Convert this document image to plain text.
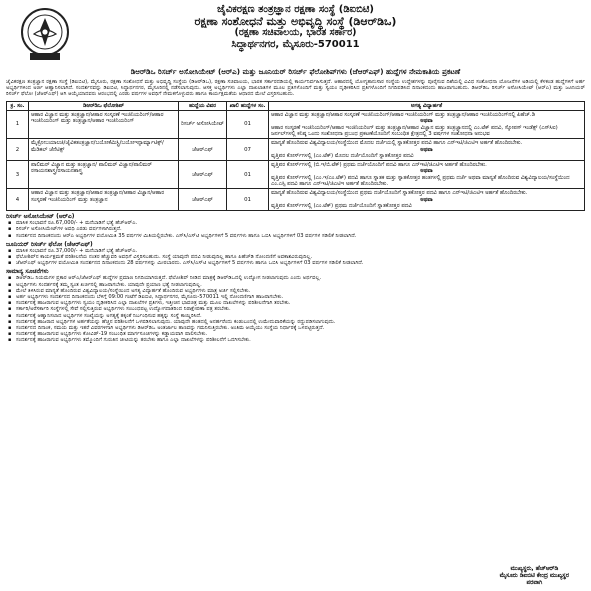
ಜೈವಿಕರಕ್ಷಣ ತಂತ್ರಜ್ಞಾನ ರಕ್ಷಣಾ ಸಂಸ್ಥೆ (ಡಿಐಬಿಟಿ)
ರಕ್ಷಣಾ ಸಂಶೋಧನೆ ಮತ್ತು ಅಭಿವೃದ್ಧಿ ಸಂಸ್ಥೆ (ಡಿಆರ್‌ಡಿಒ)
(ರಕ್ಷಣಾ ಸಚಿವಾಲಯ, ಭಾರತ ಸರ್ಕಾರ)
ಸಿದ್ಧಾರ್ಥನಗರ, ಮೈಸೂರು-570011
ಡಿಆರ್‌ಡಿಒ ರಿಸರ್ಚ್ ಅಸೋಸಿಯೇಟ್ (ಆರ್‌ಎ) ಮತ್ತು ಜೂನಿಯರ್ ರಿಸರ್ಚ್ ಫೆಲೋಶಿಪ್‌ಗಳು (ಜೆಆರ್‌ಎಫ್) ಹುದ್ದೆಗಳ ನೇಮಕಾತಿಯ ಪ್ರಕಟಣೆ
ಜೈವಿಕರಕ್ಷಣ ತಂತ್ರಜ್ಞಾನ ರಕ್ಷಣಾ ಸಂಸ್ಥೆ (ಡಿಐಬಿಟಿ), ಮೈಸೂರು, ರಕ್ಷಣಾ ಸಂಶೋಧನೆ ಮತ್ತು ಅಭಿವೃದ್ಧಿ ಸಂಸ್ಥೆಯ (ಡಿಆರ್‌ಡಿಒ), ರಕ್ಷಣಾ ಸಚಿವಾಲಯ, ಭಾರತ ಸರ್ಕಾರದಡಿಯಲ್ಲಿ ಕಾರ್ಯನಿರ್ವಹಿಸುತ್ತದೆ. ಆಹಾರದಲ್ಲಿ ಯೋಗ್ಯತಾನುಸಾರ ಸಂಸ್ಥೆಯ ಉದ್ದೇಶಗಳನ್ನು ಪೂರೈಸುವ ದಿಶೆಯಲ್ಲಿ ವಿವಿಧ ಸಂಶೋಧನಾ ಯೋಜನೆಗಳ ಅಡಿಯಲ್ಲಿ ಕೆಳಕಂಡ ಹುದ್ದೆಗಳಿಗೆ ಅರ್ಹ ಅಭ್ಯರ್ಥಿಗಳಿಂದ ಅರ್ಜಿ ಆಹ್ವಾನಿಸಲಾಗಿದೆ. ಸಂದರ್ಶನವನ್ನು ಡಿಐಬಿಟಿ, ಸಿದ್ಧಾರ್ಥನಗರ, ಮೈಸೂರಿನಲ್ಲಿ ನಡೆಸಲಾಗುವುದು. ಆಸಕ್ತ ಅಭ್ಯರ್ಥಿಗಳು ಎಲ್ಲಾ ದಾಖಲಾತಿಗಳ ಮೂಲ ಪ್ರತಿಗಳೊಂದಿಗೆ ಮತ್ತು ಸ್ವಯಂ ದೃಢೀಕರಿಸಿದ ಪ್ರತಿಗಳೊಂದಿಗೆ ನಿಗದಿಪಡಿಸಿದ ದಿನಾಂಕದಂದು ಹಾಜರಾಗಬಹುದು. ಡಿಆರ್‌ಡಿಒ ರಿಸರ್ಚ್ ಅಸೋಸಿಯೇಟ್ (ಆರ್‌ಎ) ಮತ್ತು ಜೂನಿಯರ್ ರಿಸರ್ಚ್ ಫೆಲೋ (ಜೆಆರ್‌ಎಫ್) ಆಗಿ ಆಯ್ಕೆಯಾದವರು ಆರಂಭದಲ್ಲಿ ಎರಡು ವರ್ಷಗಳ ಅವಧಿಗೆ ನೇಮಕಗೊಳ್ಳುವರು ಹಾಗೂ ಕಾರ್ಯಕ್ಷಮತೆಯ ಆಧಾರದ ಮೇಲೆ ವಿಸ್ತರಿಸಬಹುದು.
ಕ್ರ. ಸಂ.	ಡಿಆರ್‌ಡಿಒ ಫೆಲೋಶಿಪ್	ಹುದ್ದೆಯ ವಿವರ	ಖಾಲಿ ಹುದ್ದೆಗಳ ಸಂ.	ಅಗತ್ಯ ವಿದ್ಯಾರ್ಹತೆ
1	ಆಹಾರ ವಿಜ್ಞಾನ ಮತ್ತು ತಂತ್ರಜ್ಞಾನ/ಆಹಾರ ಸಂಸ್ಕರಣೆ ಇಂಜಿನಿಯರಿಂಗ್/ಆಹಾರ ಇಂಜಿನಿಯರಿಂಗ್ ಮತ್ತು ತಂತ್ರಜ್ಞಾನ/ಆಹಾರ ಇಂಜಿನಿಯರಿಂಗ್	ರಿಸರ್ಚ್ ಅಸೋಸಿಯೇಟ್	01	ಆಹಾರ ವಿಜ್ಞಾನ ಮತ್ತು ತಂತ್ರಜ್ಞಾನ/ಆಹಾರ ಸಂಸ್ಕರಣೆ ಇಂಜಿನಿಯರಿಂಗ್/ಆಹಾರ ಇಂಜಿನಿಯರಿಂಗ್ ಮತ್ತು ತಂತ್ರಜ್ಞಾನ/ಆಹಾರ ಇಂಜಿನಿಯರಿಂಗ್‌ನಲ್ಲಿ ಪಿಹೆಚ್.ಡಿ
ಅಥವಾ
ಆಹಾರ ಸಂಸ್ಕರಣೆ ಇಂಜಿನಿಯರಿಂಗ್/ಆಹಾರ ಇಂಜಿನಿಯರಿಂಗ್ ಮತ್ತು ತಂತ್ರಜ್ಞಾನ/ಆಹಾರ ವಿಜ್ಞಾನ ಮತ್ತು ತಂತ್ರಜ್ಞಾನದಲ್ಲಿ ಎಂ.ಟೆಕ್ ಪದವಿ, ಸ್ಕೋಪಸ್ ಇಂಡೆಕ್ಸ್ (ಎಸ್‌ಸಿಐ) ಜರ್ನಲ್‌ಗಳಲ್ಲಿ ಕನಿಷ್ಠ ಒಂದು ಸಂಶೋಧನಾ ಪ್ರಬಂಧ ಪ್ರಕಟಣೆಯೊಂದಿಗೆ ಸಂಬಂಧಿತ ಕ್ಷೇತ್ರದಲ್ಲಿ 3 ವರ್ಷಗಳ ಸಂಶೋಧನಾ ಅನುಭವ

2	ಮೈಕ್ರೋಬಯಾಲಜಿ/ಜೈವಿಕತಂತ್ರಜ್ಞಾನ/ಬಯೋಕೆಮಿಸ್ಟ್ರಿ/ಬಯೋಇನ್ಫಾರ್ಮ್ಯಾಟಿಕ್ಸ್/ಮೆಡಿಕಲ್ ಜೆನೆಟಿಕ್ಸ್	ಜೆಆರ್‌ಎಫ್	07	ಮಾನ್ಯತೆ ಹೊಂದಿರುವ ವಿಶ್ವವಿದ್ಯಾಲಯ/ಸಂಸ್ಥೆಯಿಂದ ಮೊದಲ ದರ್ಜೆಯಲ್ಲಿ ಸ್ನಾತಕೋತ್ತರ ಪದವಿ ಹಾಗೂ ಎನ್ಇಟಿ/ಜಿಎಟಿಇ ಅರ್ಹತೆ ಹೊಂದಿರಬೇಕು.
ಅಥವಾ
ವೃತ್ತಿಪರ ಕೋರ್ಸ್‌ಗಳಲ್ಲಿ (ಎಂ.ಟೆಕ್) ಮೊದಲ ದರ್ಜೆಯೊಂದಿಗೆ ಸ್ನಾತಕೋತ್ತರ ಪದವಿ

3	ಪಾಲಿಮರ್ ವಿಜ್ಞಾನ ಮತ್ತು ತಂತ್ರಜ್ಞಾನ/ ಪಾಲಿಮರ್ ವಿಜ್ಞಾನ/ಪಾಲಿಮರ್ ರಸಾಯನಶಾಸ್ತ್ರ/ರಸಾಯನಶಾಸ್ತ್ರ	ಜೆಆರ್‌ಎಫ್	01	ವೃತ್ತಿಪರ ಕೋರ್ಸ್‌ಗಳಲ್ಲಿ (ಬಿ.ಇ/ಬಿ.ಟೆಕ್) ಪ್ರಥಮ ದರ್ಜೆಯೊಂದಿಗೆ ಪದವಿ ಹಾಗೂ ಎನ್ಇಟಿ/ಜಿಎಟಿಇ ಅರ್ಹತೆ ಹೊಂದಿರಬೇಕು.
ಅಥವಾ
ವೃತ್ತಿಪರ ಕೋರ್ಸ್‌ಗಳಲ್ಲಿ (ಎಂ.ಇ/ಎಂ.ಟೆಕ್) ಪದವಿ ಹಾಗೂ ಸ್ನಾತಕ ಮತ್ತು ಸ್ನಾತಕೋತ್ತರ ಹಂತಗಳಲ್ಲಿ ಪ್ರಥಮ ದರ್ಜೆ ಅಥವಾ ಮಾನ್ಯತೆ ಹೊಂದಿರುವ ವಿಶ್ವವಿದ್ಯಾಲಯ/ಸಂಸ್ಥೆಯಿಂದ ಎಂ.ಎಸ್ಸಿ ಪದವಿ ಹಾಗೂ ಎನ್ಇಟಿ/ಜಿಎಟಿಇ ಅರ್ಹತೆ ಹೊಂದಿರಬೇಕು.

4	ಆಹಾರ ವಿಜ್ಞಾನ ಮತ್ತು ತಂತ್ರಜ್ಞಾನ/ಆಹಾರ ತಂತ್ರಜ್ಞಾನ/ಆಹಾರ ವಿಜ್ಞಾನ/ಆಹಾರ ಸಂಸ್ಕರಣೆ ಇಂಜಿನಿಯರಿಂಗ್ ಮತ್ತು ತಂತ್ರಜ್ಞಾನ	ಜೆಆರ್‌ಎಫ್	01	ಮಾನ್ಯತೆ ಹೊಂದಿರುವ ವಿಶ್ವವಿದ್ಯಾಲಯ/ಸಂಸ್ಥೆಯಿಂದ ಪ್ರಥಮ ದರ್ಜೆಯೊಂದಿಗೆ ಸ್ನಾತಕೋತ್ತರ ಪದವಿ ಹಾಗೂ ಎನ್ಇಟಿ/ಜಿಎಟಿಇ ಅರ್ಹತೆ ಹೊಂದಿರಬೇಕು.
ಅಥವಾ
ವೃತ್ತಿಪರ ಕೋರ್ಸ್‌ಗಳಲ್ಲಿ (ಎಂ.ಟೆಕ್) ಪ್ರಥಮ ದರ್ಜೆಯೊಂದಿಗೆ ಸ್ನಾತಕೋತ್ತರ ಪದವಿ
ರಿಸರ್ಚ್ ಅಸೋಸಿಯೇಟ್ (ಆರ್‌ಎ)
▪ ಮಾಸಿಕ ಸಂಭಾವನೆ ರೂ.67,000/- + ಮನೆಬಾಡಿಗೆ ಭತ್ಯೆ ಹೆಚ್‌ಆರ್‌ಎ.
▪ ರಿಸರ್ಚ್ ಅಸೋಸಿಯೇಟ್‌ಗಳ ಅವಧಿ ಎರಡು ವರ್ಷಗಳಾಗಿರುತ್ತದೆ.
▪ ಸಂದರ್ಶನದ ದಿನಾಂಕದಂದು ಆರ್‌ಎ ಅಭ್ಯರ್ಥಿಗಳ ವಯೋಮಿತಿ 35 ವರ್ಷಗಳ ಮಿತಿಯಲ್ಲಿರಬೇಕು. ಎಸ್‌ಸಿ/ಎಸ್‌ಟಿ ಅಭ್ಯರ್ಥಿಗಳಿಗೆ 5 ವರ್ಷಗಳು ಹಾಗೂ ಒಬಿಸಿ ಅಭ್ಯರ್ಥಿಗಳಿಗೆ 03 ವರ್ಷಗಳ ಸಡಿಲಿಕೆ ನೀಡಲಾಗಿದೆ.
ಜೂನಿಯರ್ ರಿಸರ್ಚ್ ಫೆಲೋ (ಜೆಆರ್‌ಎಫ್)
▪ ಮಾಸಿಕ ಸಂಭಾವನೆ ರೂ.37,000/- + ಮನೆಬಾಡಿಗೆ ಭತ್ಯೆ ಹೆಚ್‌ಆರ್‌ಎ.
▪ ಫೆಲೋಶಿಪ್‌ನ ಕಾರ್ಯಕ್ಷಮತೆ ಪರಿಶೀಲನೆಯ ನಂತರ ಹೆಚ್ಚುವರಿ ಅವಧಿಗೆ ವಿಸ್ತರಿಸಬಹುದು. ಸಂಸ್ಥೆ ಯಾವುದೇ ಪದವಿ ನೀಡುವುದಿಲ್ಲ ಹಾಗೂ ಪಿಹೆಚ್‌ಡಿ ನೋಂದಣಿಗೆ ಅವಕಾಶವಿರುವುದಿಲ್ಲ.
▪ ಜೆಆರ್‌ಎಫ್ ಅಭ್ಯರ್ಥಿಗಳ ವಯೋಮಿತಿ ಸಂದರ್ಶನದ ದಿನಾಂಕದಂದು 28 ವರ್ಷಗಳನ್ನು ಮೀರಬಾರದು. ಎಸ್‌ಸಿ/ಎಸ್‌ಟಿ ಅಭ್ಯರ್ಥಿಗಳಿಗೆ 5 ವರ್ಷಗಳು ಹಾಗೂ ಒಬಿಸಿ ಅಭ್ಯರ್ಥಿಗಳಿಗೆ 03 ವರ್ಷಗಳ ಸಡಿಲಿಕೆ ನೀಡಲಾಗಿದೆ.
ಸಾಮಾನ್ಯ ಸೂಚನೆಗಳು
▪ ಡಿಆರ್‌ಡಿಒ ನಿಯಮಗಳ ಪ್ರಕಾರ ಆರ್‌ಎ/ಜೆಆರ್‌ಎಫ್ ಹುದ್ದೆಗಳ ಪ್ರಮಾಣ ನಿಗದಿಯಾಗಿರುತ್ತದೆ. ಫೆಲೋಶಿಪ್ ನೀಡಿದ ಮಾತ್ರಕ್ಕೆ ಡಿಆರ್‌ಡಿಒದಲ್ಲಿ ಉದ್ಯೋಗ ನೀಡಲಾಗುವುದು ಎಂದು ಅರ್ಥವಲ್ಲ.
▪ ಅಭ್ಯರ್ಥಿಗಳು ಸಂದರ್ಶನಕ್ಕೆ ತಮ್ಮ ಸ್ವಂತ ಖರ್ಚಿನಲ್ಲಿ ಹಾಜರಾಗಬೇಕು. ಯಾವುದೇ ಪ್ರಯಾಣ ಭತ್ಯೆ ನೀಡಲಾಗುವುದಿಲ್ಲ.
▪ ಮೇಲೆ ತಿಳಿಸಿರುವ ಮಾನ್ಯತೆ ಹೊಂದಿರುವ ವಿಶ್ವವಿದ್ಯಾಲಯ/ಸಂಸ್ಥೆಯಿಂದ ಅಗತ್ಯ ವಿದ್ಯಾರ್ಹತೆ ಹೊಂದಿರುವ ಅಭ್ಯರ್ಥಿಗಳು ಮಾತ್ರ ಅರ್ಜಿ ಸಲ್ಲಿಸಬೇಕು.
▪ ಅರ್ಹ ಅಭ್ಯರ್ಥಿಗಳು ಸಂದರ್ಶನದ ದಿನಾಂಕದಂದು ಬೆಳಿಗ್ಗೆ 09:00 ಗಂಟೆಗೆ ಡಿಐಬಿಟಿ, ಸಿದ್ಧಾರ್ಥನಗರ, ಮೈಸೂರು-570011 ಇಲ್ಲಿ ನೋಂದಣಿಗಾಗಿ ಹಾಜರಾಗಬೇಕು.
▪ ಸಂದರ್ಶನಕ್ಕೆ ಹಾಜರಾಗುವ ಅಭ್ಯರ್ಥಿಗಳು ಸ್ವಯಂ ದೃಢೀಕರಿಸಿದ ಎಲ್ಲಾ ದಾಖಲೆಗಳ ಪ್ರತಿಗಳು, ಇತ್ತೀಚಿನ ಭಾವಚಿತ್ರ ಮತ್ತು ಮೂಲ ದಾಖಲೆಗಳನ್ನು ಪರಿಶೀಲನೆಗಾಗಿ ತರಬೇಕು.
▪ ಸರ್ಕಾರಿ/ಅರೆಸರ್ಕಾರಿ ಸಂಸ್ಥೆಗಳಲ್ಲಿ ಸೇವೆ ಸಲ್ಲಿಸುತ್ತಿರುವ ಅಭ್ಯರ್ಥಿಗಳು ಸಂಬಂಧಪಟ್ಟ ಉದ್ಯೋಗದಾತರಿಂದ ನಿರಾಕ್ಷೇಪಣಾ ಪತ್ರ ತರಬೇಕು.
▪ ಸಂದರ್ಶನಕ್ಕೆ ಆಹ್ವಾನಿಸಲಾದ ಅಭ್ಯರ್ಥಿಗಳ ಸಂಖ್ಯೆಯನ್ನು ಅಗತ್ಯಕ್ಕೆ ತಕ್ಕಂತೆ ನಿರ್ಬಂಧಿಸುವ ಹಕ್ಕನ್ನು ಸಂಸ್ಥೆ ಕಾಯ್ದಿರಿಸಿದೆ.
▪ ಸಂದರ್ಶನಕ್ಕೆ ಹಾಜರಾದ ಅಭ್ಯರ್ಥಿಗಳ ಅರ್ಹತೆಯನ್ನು ಹೆಚ್ಚಿನ ಪರಿಶೀಲನೆಗೆ ಒಳಪಡಿಸಲಾಗುವುದು. ಯಾವುದೇ ಹಂತದಲ್ಲಿ ಅನರ್ಹರೆಂದು ಕಂಡುಬಂದಲ್ಲಿ ಉಮೇದುವಾರಿಕೆಯನ್ನು ರದ್ದುಪಡಿಸಲಾಗುವುದು.
▪ ಸಂದರ್ಶನದ ದಿನಾಂಕ, ಸಮಯ ಮತ್ತು ಇತರೆ ವಿವರಗಳಿಗಾಗಿ ಅಭ್ಯರ್ಥಿಗಳು ಡಿಆರ್‌ಡಿಒ ಅಂತರ್ಜಾಲ ತಾಣವನ್ನು ಗಮನಿಸುತ್ತಿರಬೇಕು. ಅಂತಿಮ ಆಯ್ಕೆಯು ಸಂಸ್ಥೆಯ ನಿರ್ಧಾರಕ್ಕೆ ಒಳಪಟ್ಟಿರುತ್ತದೆ.
▪ ಸಂದರ್ಶನಕ್ಕೆ ಹಾಜರಾಗುವ ಅಭ್ಯರ್ಥಿಗಳು ಕೋವಿಡ್-19 ಸಂಬಂಧಿತ ಮಾರ್ಗಸೂಚಿಗಳನ್ನು ಕಡ್ಡಾಯವಾಗಿ ಪಾಲಿಸಬೇಕು.
▪ ಸಂದರ್ಶನಕ್ಕೆ ಹಾಜರಾಗುವ ಅಭ್ಯರ್ಥಿಗಳು ತಮ್ಮೊಂದಿಗೆ ಗುರುತಿನ ಚೀಟಿಯನ್ನು ತರಬೇಕು ಹಾಗೂ ಎಲ್ಲಾ ದಾಖಲೆಗಳನ್ನು ಪರಿಶೀಲನೆಗೆ ಒದಗಿಸಬೇಕು.
ಮುಖ್ಯಸ್ಥರು, ಹೆಚ್‌ಆರ್‌ಡಿ
ಮೈಸೂರು ಡಿಐಬಿಟಿ ಕೇಂದ್ರ ಮುಖ್ಯಸ್ಥರ
ಪರವಾಗಿ
